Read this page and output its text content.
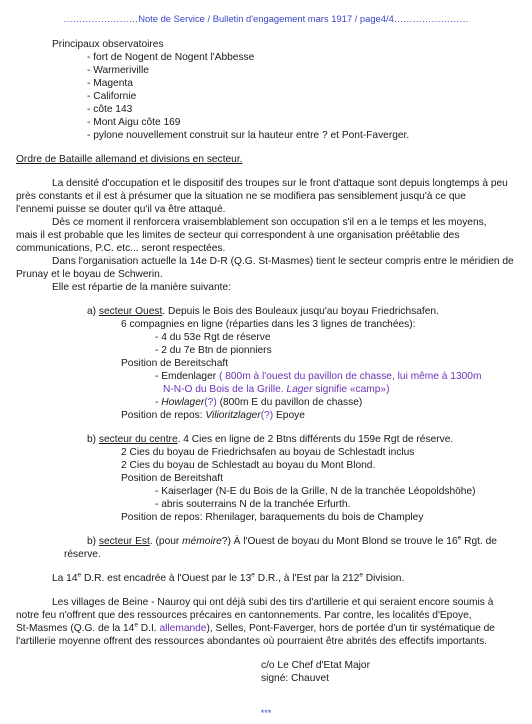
……………………Note de Service / Bulletin d'engagement mars 1917 / page4/4……………………
Principaux observatoires
- fort de Nogent de Nogent l'Abbesse
- Warmeriville
- Magenta
- Californie
- côte 143
- Mont Aigu côte 169
- pylone nouvellement construit sur la hauteur entre ? et Pont-Faverger.
Ordre de Bataille allemand et divisions en secteur.
La densité d'occupation et le dispositif des troupes sur le front d'attaque sont depuis longtemps à peu
près constants et il est à présumer que la situation ne se modifiera pas sensiblement jusqu'à ce que
l'ennemi puisse se douter qu'il va être attaqué.
Dès ce moment il renforcera vraisemblablement son occupation s'il en a le temps et les moyens,
mais il est probable que les limites de secteur qui correspondent à une organisation préétablie des
communications, P.C. etc... seront respectées.
Dans l'organisation actuelle la 14e D-R (Q.G. St-Masmes) tient le secteur compris entre le méridien de
Prunay et le boyau de Schwerin.
Elle est répartie de la manière suivante:
a) secteur Ouest. Depuis le Bois des Bouleaux jusqu'au boyau Friedrichsafen.
6 compagnies en ligne (réparties dans les 3 lignes de tranchées):
- 4 du 53e Rgt de réserve
- 2 du 7e Btn de pionniers
Position de Bereitschaft
- Emdenlager ( 800m à l'ouest du pavillon de chasse, lui même à 1300m
N-N-O du Bois de la Grille. Lager signifie «camp»)
- Howlager(?) (800m E du pavillon de chasse)
Position de repos: Vilioritzlager(?) Epoye
b) secteur du centre. 4 Cies en ligne de 2 Btns différents du 159e Rgt de réserve.
2 Cies du boyau de Friedrichsafen au boyau de Schlestadt inclus
2 Cies du boyau de Schlestadt au boyau du Mont Blond.
Position de Bereitshaft
- Kaiserlager (N-E du Bois de la Grille, N de la tranchée Léopoldshöhe)
- abris souterrains N de la tranchée Erfurth.
Position de repos: Rhenilager, baraquements du bois de Champley
b) secteur Est. (pour mémoire?) À l'Ouest de boyau du Mont Blond se trouve le 16e Rgt. de
réserve.
La 14e D.R. est encadrée à l'Ouest par le 13e D.R., à l'Est par la 212e Division.
Les villages de Beine - Nauroy qui ont déjà subi des tirs d'artillerie et qui seraient encore soumis à
notre feu n'offrent que des ressources précaires en cantonnements. Par contre, les localités d'Epoye,
St-Masmes (Q.G. de la 14e D.I. allemande), Selles, Pont-Faverger, hors de portée d'un tir systématique de
l'artillerie moyenne offrent des ressources abondantes où pourraient être abrités des effectifs importants.
c/o Le Chef d'Etat Major
signé: Chauvet
***
